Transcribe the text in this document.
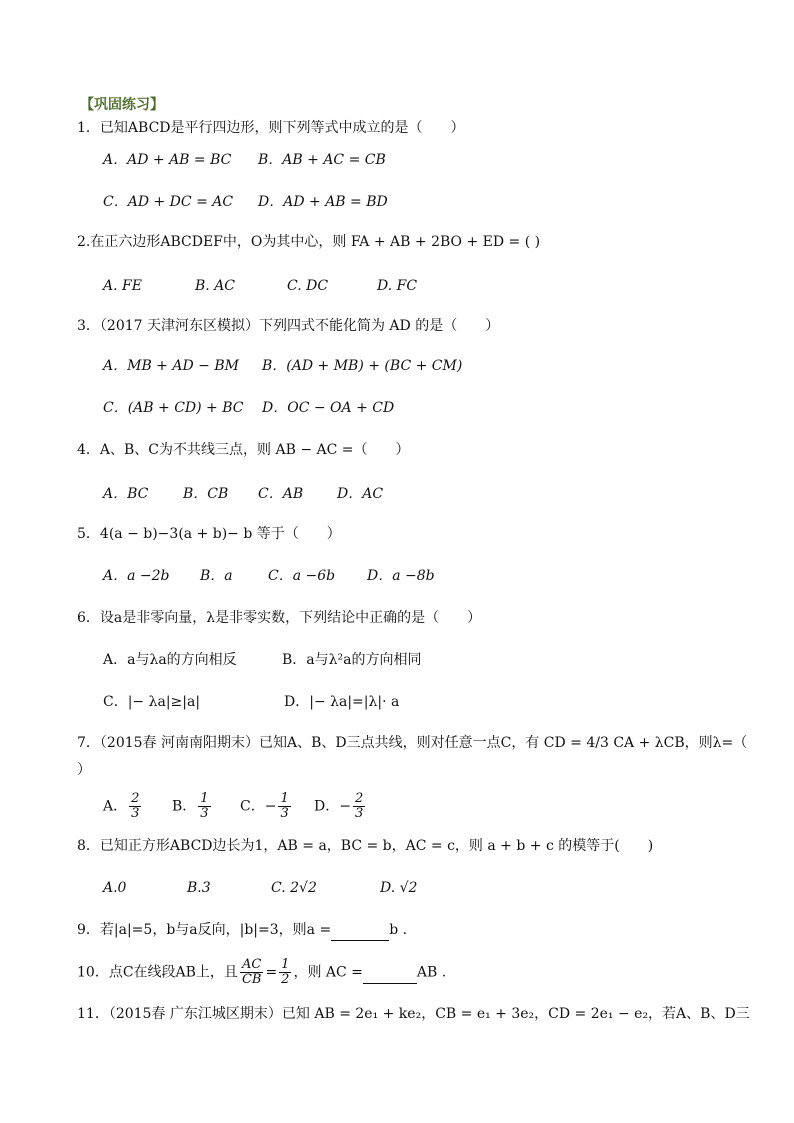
【巩固练习】
1．已知ABCD是平行四边形，则下列等式中成立的是（　　）
A．AD + AB = BC B．AB + AC = CB
C．AD + DC = AC D．AD + AB = BD
2.在正六边形ABCDEF中，O为其中心，则 FA + AB + 2BO + ED = ( )
A. FE	B. AC	C. DC	D. FC
3．（2017 天津河东区模拟）下列四式不能化简为 AD 的是（　　）
A．MB + AD − BM B．(AD + MB) + (BC + CM)
C．(AB + CD) + BC D．OC − OA + CD
4．A、B、C为不共线三点，则 AB − AC =（　　）
A．BC B．CB C．AB D．AC
5．4(a − b)−3(a + b)− b 等于（　　）
A．a −2b B．a	C．a −6b D．a −8b
6．设a是非零向量，λ是非零实数，下列结论中正确的是（　　）
A．a与λa的方向相反	B．a与λ²a的方向相同
C．|− λa|≥|a|	D．|− λa|=|λ|· a
7．（2015春 河南南阳期末）已知A、B、D三点共线，则对任意一点C，有 CD = 4/3 CA + λCB，则λ=（
）
A． $\frac{2}{3}$ B． $\frac{1}{3}$ C．− $\frac{1}{3}$ D．− $\frac{2}{3}$
8．已知正方形ABCD边长为1，AB = a，BC = b，AC = c，则 a + b + c 的模等于(　　)
A.0	B.3	C. 2√2	D. √2
9．若|a|=5，b与a反向，|b|=3，则a =	b .
10．点C在线段AB上，且 $\frac{AC}{CB} = \frac{1}{2}$ ，则 AC =	AB .
11．（2015春 广东江城区期末）已知 AB = 2e₁ + ke₂，CB = e₁ + 3e₂，CD = 2e₁ − e₂，若A、B、D三
